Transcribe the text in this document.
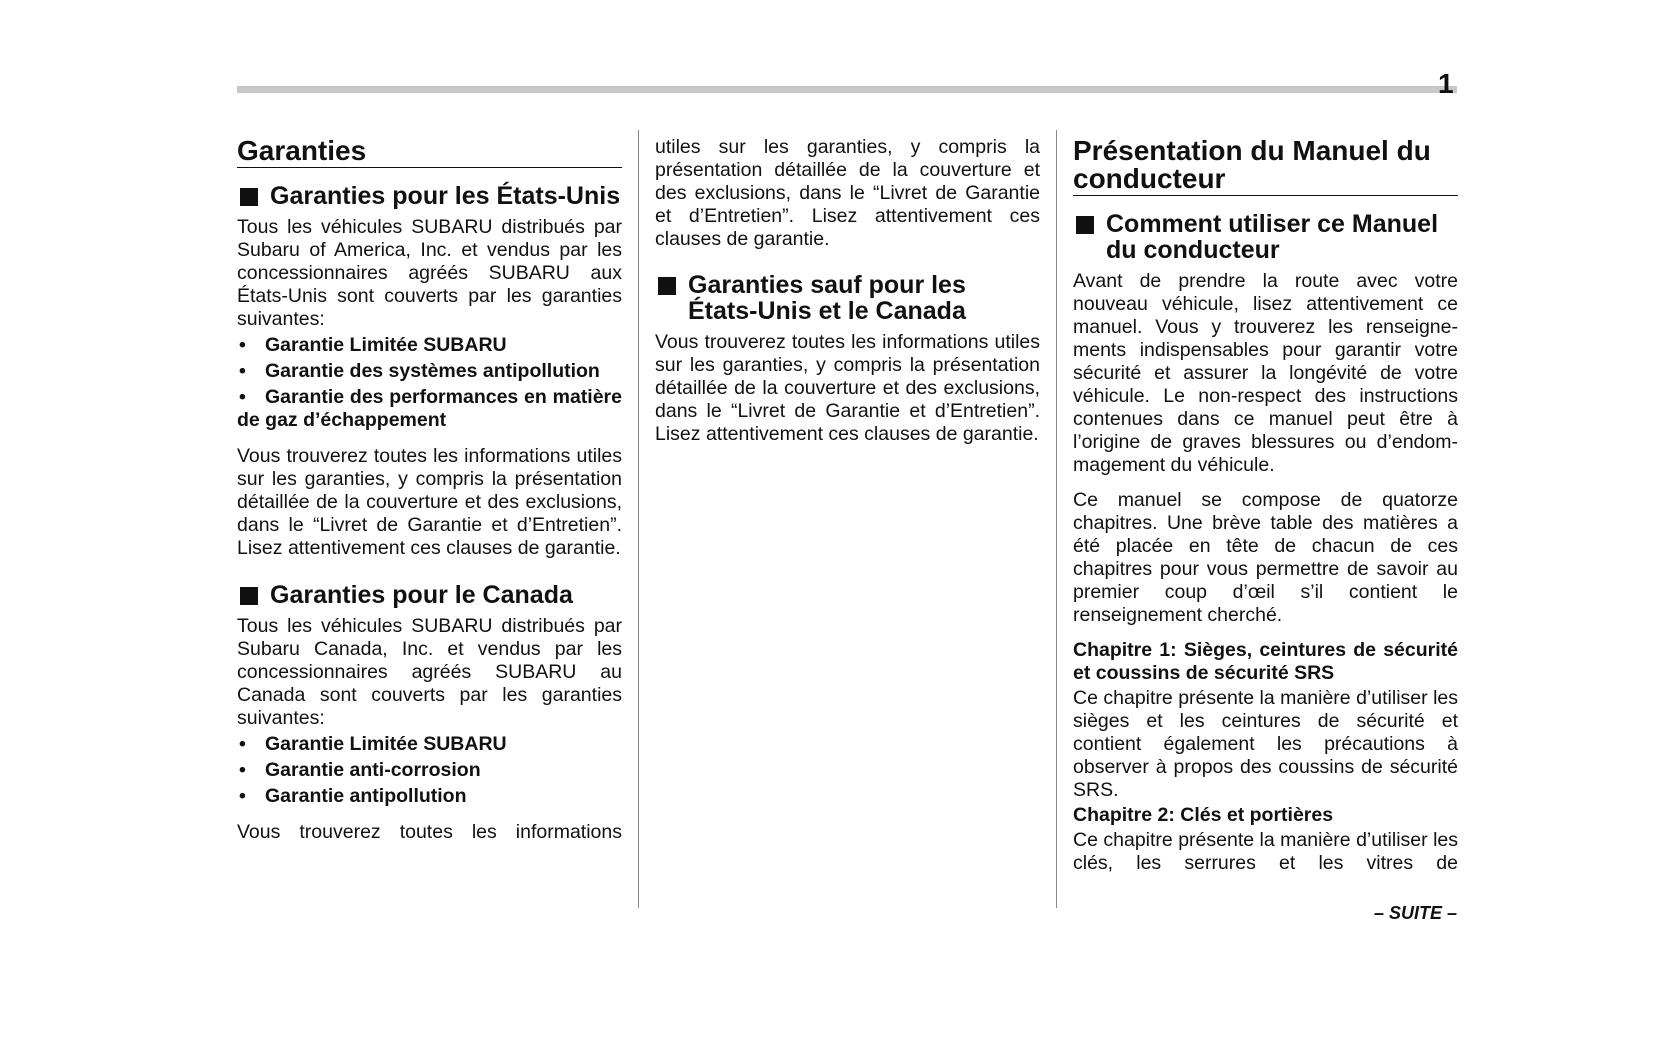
1
Garanties
Garanties pour les États-Unis

Tous les véhicules SUBARU distribués par Subaru of America, Inc. et vendus par les concessionnaires agréés SUBARU aux États-Unis sont couverts par les garanties suivantes:

• Garantie Limitée SUBARU

• Garantie des systèmes antipollution

• Garantie des performances en matière de gaz d’échappement

Vous trouverez toutes les informations utiles sur les garanties, y compris la présentation détaillée de la couverture et des exclusions, dans le “Livret de Garantie et d’Entretien”. Lisez attentivement ces clauses de garantie.

Garanties pour le Canada

Tous les véhicules SUBARU distribués par Subaru Canada, Inc. et vendus par les concessionnaires agréés SUBARU au Canada sont couverts par les garanties suivantes:

• Garantie Limitée SUBARU

• Garantie anti-corrosion

• Garantie antipollution

Vous trouverez toutes les informations

utiles sur les garanties, y compris la présentation détaillée de la couverture et des exclusions, dans le “Livret de Garantie et d’Entretien”. Lisez attentivement ces clauses de garantie.

Garanties sauf pour les États-Unis et le Canada

Vous trouverez toutes les informations utiles sur les garanties, y compris la présentation détaillée de la couverture et des exclusions, dans le “Livret de Garantie et d’Entretien”. Lisez attentivement ces clauses de garantie.

Présentation du Manuel du conducteur
Comment utiliser ce Manuel du conducteur

Avant de prendre la route avec votre nouveau véhicule, lisez attentivement ce manuel. Vous y trouverez les renseignements indispensables pour garantir votre sécurité et assurer la longévité de votre véhicule. Le non-respect des instructions contenues dans ce manuel peut être à l’origine de graves blessures ou d’endommagement du véhicule.

Ce manuel se compose de quatorze chapitres. Une brève table des matières a été placée en tête de chacun de ces chapitres pour vous permettre de savoir au premier coup d’œil s’il contient le renseignement cherché.

Chapitre 1: Sièges, ceintures de sécurité et coussins de sécurité SRS

Ce chapitre présente la manière d’utiliser les sièges et les ceintures de sécurité et contient également les précautions à observer à propos des coussins de sécurité SRS.

Chapitre 2: Clés et portières

Ce chapitre présente la manière d’utiliser les clés, les serrures et les vitres de

– SUITE –
